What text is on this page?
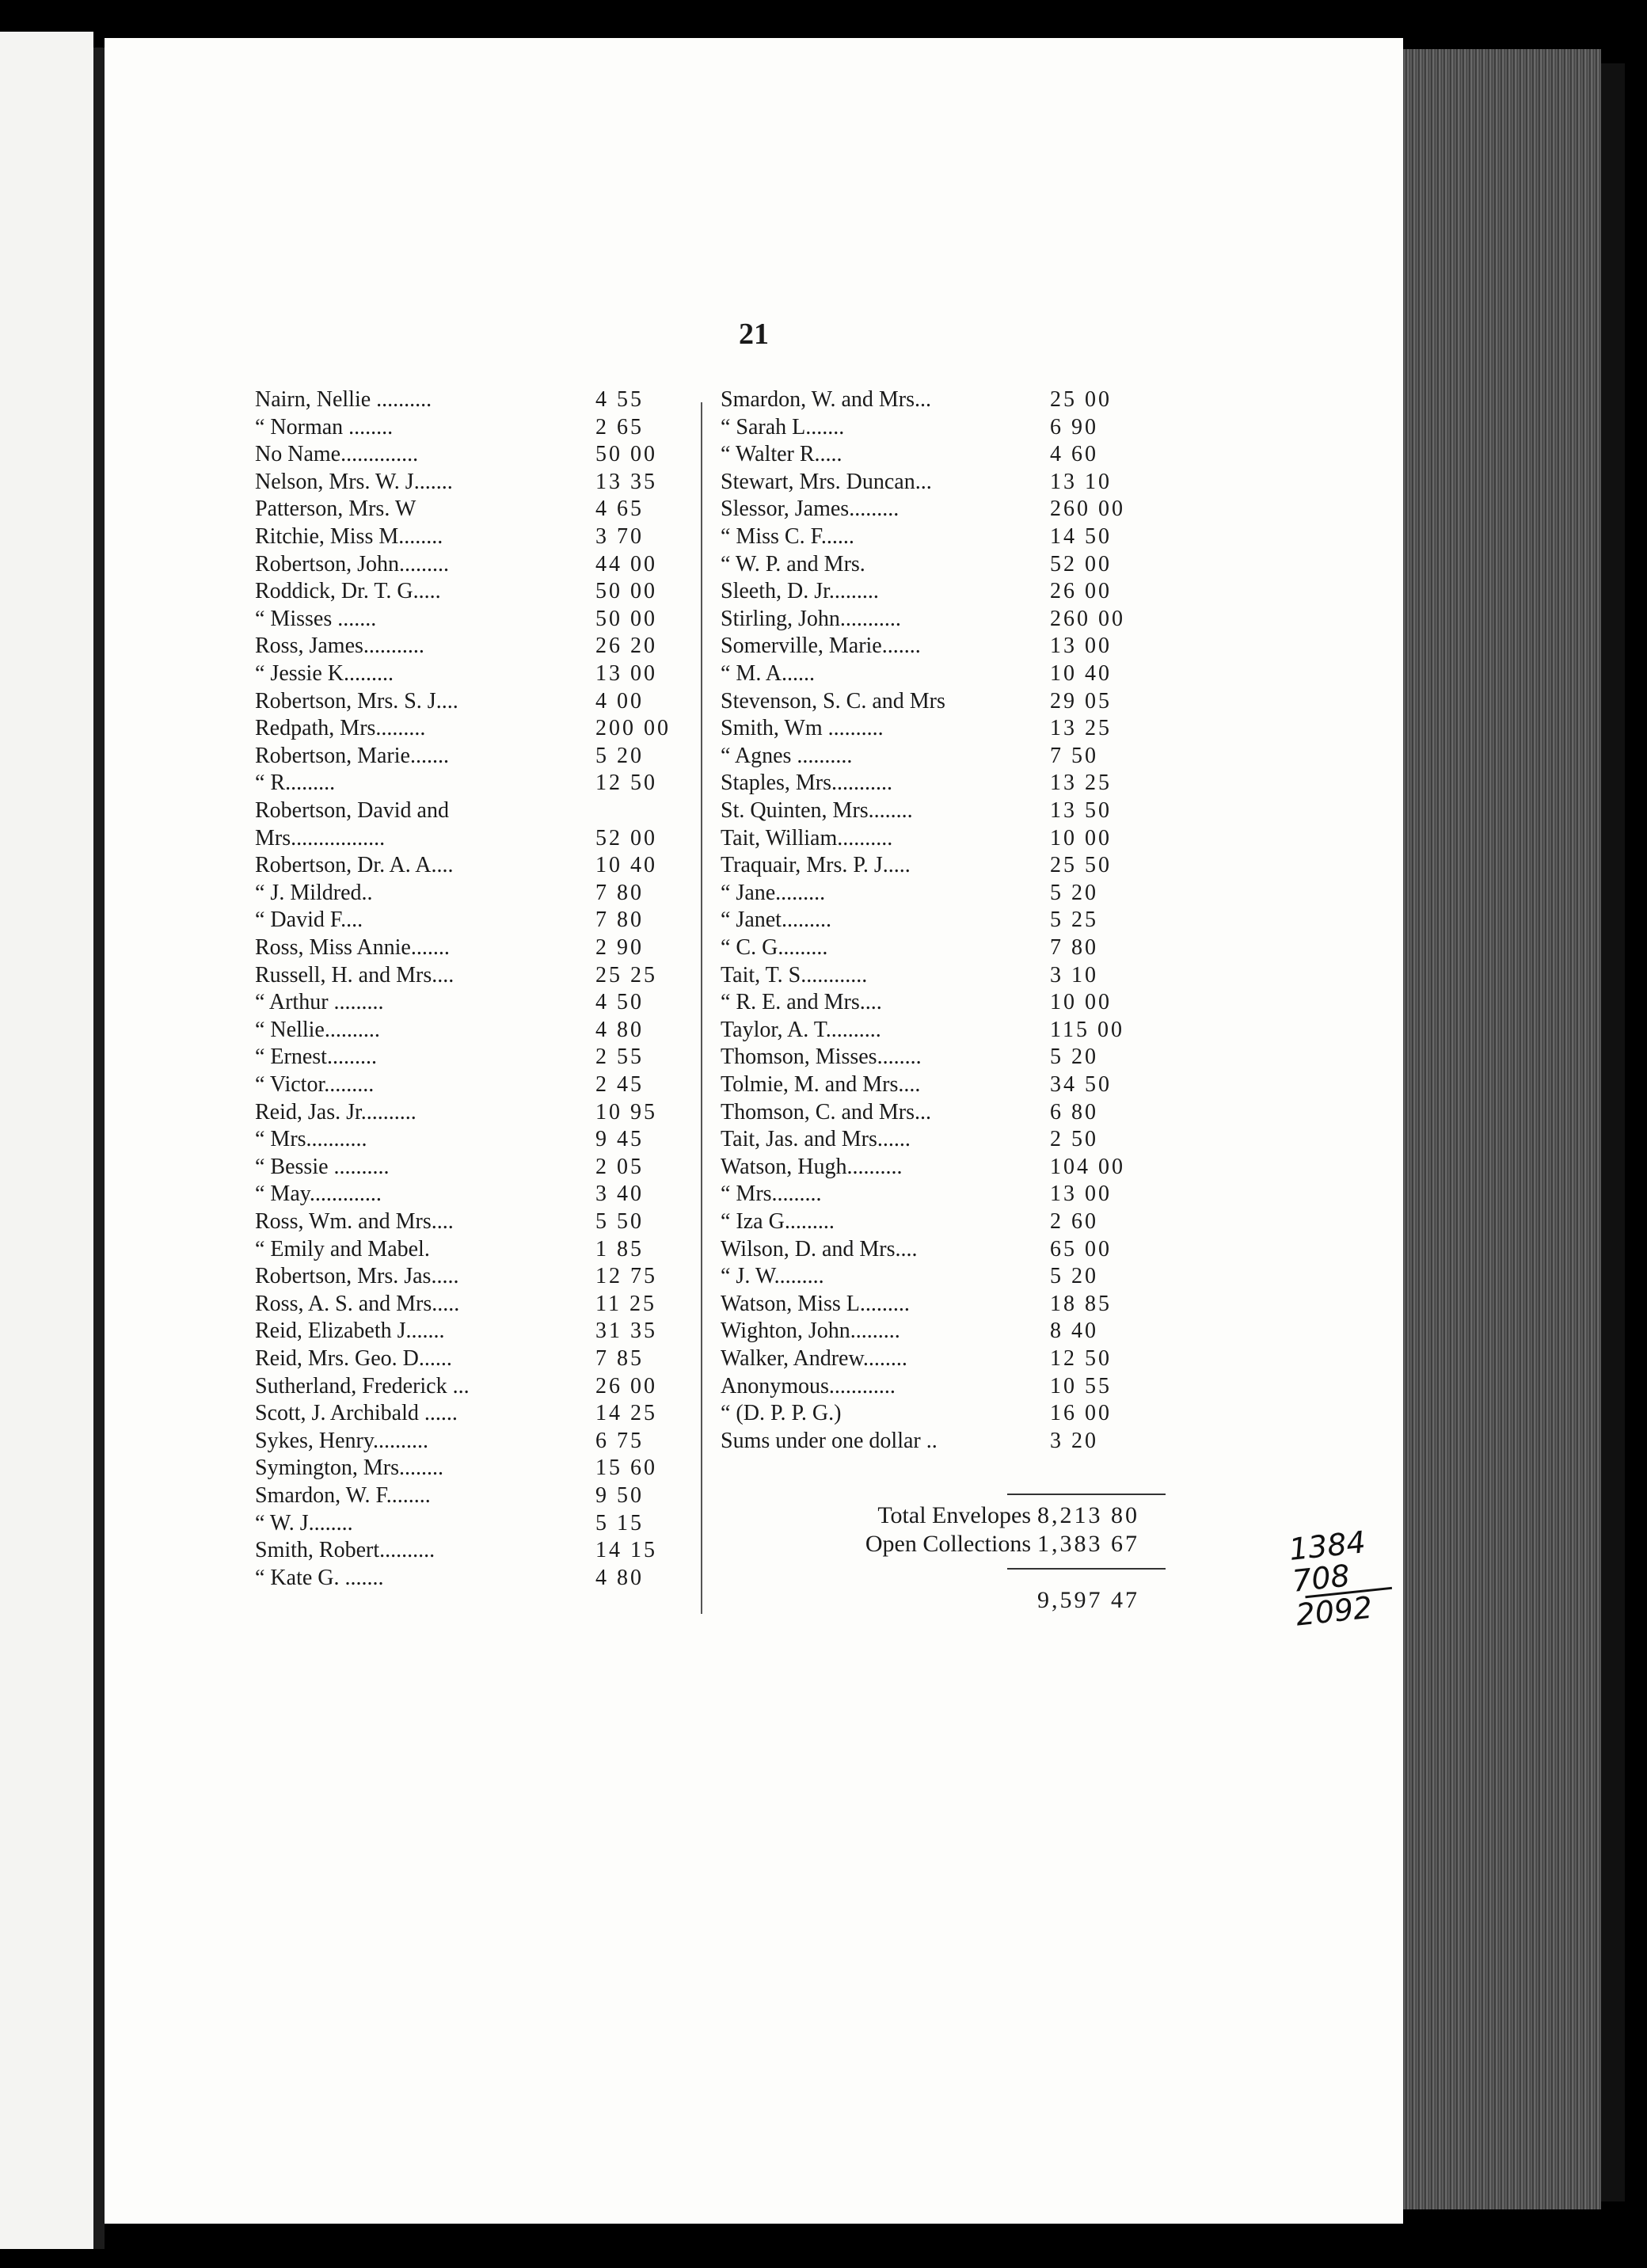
21
Nairn, Nellie ..........	4 55
“ Norman ........	2 65
No Name..............	50 00
Nelson, Mrs. W. J.......	13 35
Patterson, Mrs. W	4 65
Ritchie, Miss M........	3 70
Robertson, John.........	44 00
Roddick, Dr. T. G.....	50 00
“ Misses .......	50 00
Ross, James...........	26 20
“ Jessie K.........	13 00
Robertson, Mrs. S. J....	4 00
Redpath, Mrs.........	200 00
Robertson, Marie.......	5 20
“ R.........	12 50
Robertson, David and
Mrs.................	52 00
Robertson, Dr. A. A....	10 40
“ J. Mildred..	7 80
“ David F....	7 80
Ross, Miss Annie.......	2 90
Russell, H. and Mrs....	25 25
“ Arthur .........	4 50
“ Nellie..........	4 80
“ Ernest.........	2 55
“ Victor.........	2 45
Reid, Jas. Jr..........	10 95
“ Mrs...........	9 45
“ Bessie ..........	2 05
“ May.............	3 40
Ross, Wm. and Mrs....	5 50
“ Emily and Mabel.	1 85
Robertson, Mrs. Jas.....	12 75
Ross, A. S. and Mrs.....	11 25
Reid, Elizabeth J.......	31 35
Reid, Mrs. Geo. D......	7 85
Sutherland, Frederick ...	26 00
Scott, J. Archibald ......	14 25
Sykes, Henry..........	6 75
Symington, Mrs........	15 60
Smardon, W. F........	9 50
“ W. J........	5 15
Smith, Robert..........	14 15
“ Kate G. .......	4 80
Smardon, W. and Mrs...	25 00
“ Sarah L.......	6 90
“ Walter R.....	4 60
Stewart, Mrs. Duncan...	13 10
Slessor, James.........	260 00
“ Miss C. F......	14 50
“ W. P. and Mrs.	52 00
Sleeth, D. Jr.........	26 00
Stirling, John...........	260 00
Somerville, Marie.......	13 00
“ M. A......	10 40
Stevenson, S. C. and Mrs	29 05
Smith, Wm ..........	13 25
“ Agnes ..........	7 50
Staples, Mrs...........	13 25
St. Quinten, Mrs........	13 50
Tait, William..........	10 00
Traquair, Mrs. P. J.....	25 50
“ Jane.........	5 20
“ Janet.........	5 25
“ C. G.........	7 80
Tait, T. S............	3 10
“ R. E. and Mrs....	10 00
Taylor, A. T..........	115 00
Thomson, Misses........	5 20
Tolmie, M. and Mrs....	34 50
Thomson, C. and Mrs...	6 80
Tait, Jas. and Mrs......	2 50
Watson, Hugh..........	104 00
“ Mrs.........	13 00
“ Iza G.........	2 60
Wilson, D. and Mrs....	65 00
“ J. W.........	5 20
Watson, Miss L.........	18 85
Wighton, John.........	8 40
Walker, Andrew........	12 50
Anonymous............	10 55
“ (D. P. P. G.)	16 00
Sums under one dollar ..	3 20
Total Envelopes 8,213 80
Open Collections 1,383 67
9,597 47
1384
708
2092
